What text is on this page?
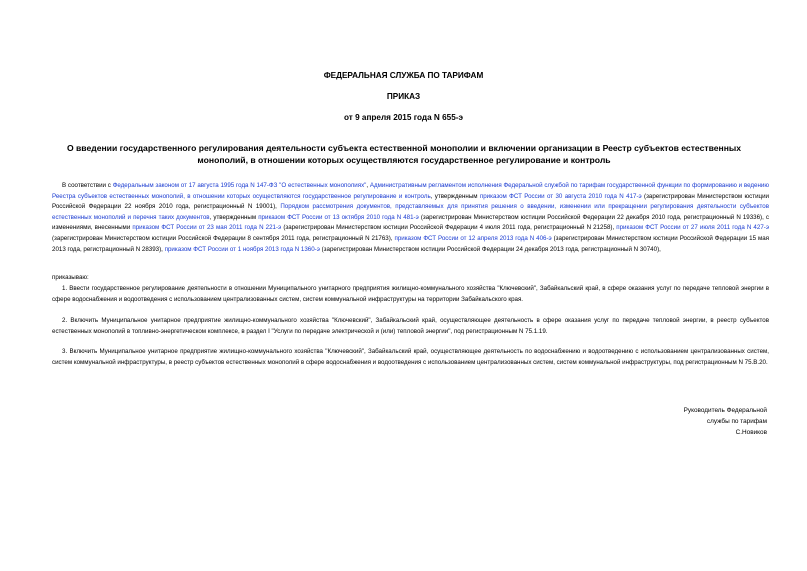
ФЕДЕРАЛЬНАЯ СЛУЖБА ПО ТАРИФАМ
ПРИКАЗ
от 9 апреля 2015 года N 655-э
О введении государственного регулирования деятельности субъекта естественной монополии и включении организации в Реестр субъектов естественных монополий, в отношении которых осуществляются государственное регулирование и контроль
В соответствии с Федеральным законом от 17 августа 1995 года N 147-ФЗ "О естественных монополиях", Административным регламентом исполнения Федеральной службой по тарифам государственной функции по формированию и ведению Реестра субъектов естественных монополий, в отношении которых осуществляются государственное регулирование и контроль, утвержденным приказом ФСТ России от 30 августа 2010 года N 417-э (зарегистрирован Министерством юстиции Российской Федерации 22 ноября 2010 года, регистрационный N 19001), Порядком рассмотрения документов, представляемых для принятия решения о введении, изменении или прекращении регулирования деятельности субъектов естественных монополий и перечня таких документов, утвержденным приказом ФСТ России от 13 октября 2010 года N 481-э (зарегистрирован Министерством юстиции Российской Федерации 22 декабря 2010 года, регистрационный N 19336), с изменениями, внесенными приказом ФСТ России от 23 мая 2011 года N 221-э (зарегистрирован Министерством юстиции Российской Федерации 4 июля 2011 года, регистрационный N 21258), приказом ФСТ России от 27 июля 2011 года N 427-э (зарегистрирован Министерством юстиции Российской Федерации 8 сентября 2011 года, регистрационный N 21763), приказом ФСТ России от 12 апреля 2013 года N 406-э (зарегистрирован Министерством юстиции Российской Федерации 15 мая 2013 года, регистрационный N 28393), приказом ФСТ России от 1 ноября 2013 года N 1360-э (зарегистрирован Министерством юстиции Российской Федерации 24 декабря 2013 года, регистрационный N 30740),
приказываю:
1. Ввести государственное регулирование деятельности в отношении Муниципального унитарного предприятия жилищно-коммунального хозяйства "Ключевский", Забайкальский край, в сфере оказания услуг по передаче тепловой энергии в сфере водоснабжения и водоотведения с использованием централизованных систем, систем коммунальной инфраструктуры на территории Забайкальского края.
2. Включить Муниципальное унитарное предприятие жилищно-коммунального хозяйства "Ключевский", Забайкальский край, осуществляющее деятельность в сфере оказания услуг по передаче тепловой энергии, в реестр субъектов естественных монополий в топливно-энергетическом комплексе, в раздел I "Услуги по передаче электрической и (или) тепловой энергии", под регистрационным N 75.1.19.
3. Включить Муниципальное унитарное предприятие жилищно-коммунального хозяйства "Ключевский", Забайкальский край, осуществляющее деятельность по водоснабжению и водоотведению с использованием централизованных систем, систем коммунальной инфраструктуры, в реестр субъектов естественных монополий в сфере водоснабжения и водоотведения с использованием централизованных систем, систем коммунальной инфраструктуры, под регистрационным N 75.В.20.
Руководитель Федеральной
службы по тарифам
С.Новиков
